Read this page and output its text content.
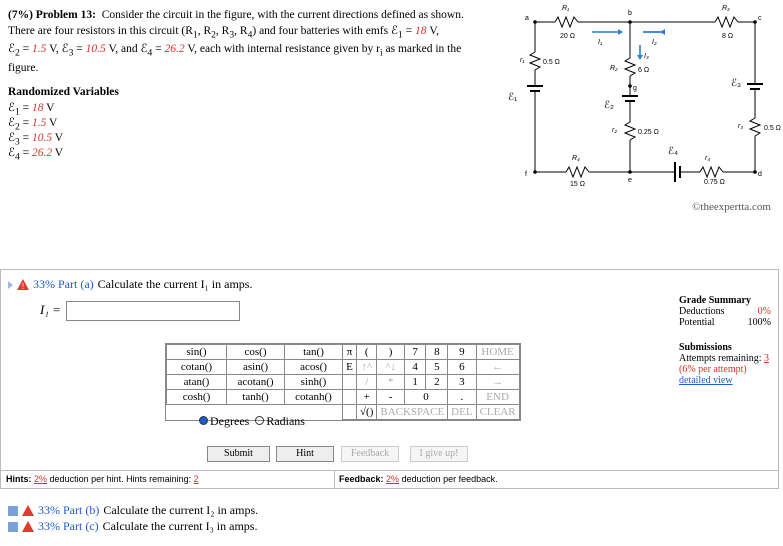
(7%) Problem 13: Consider the circuit in the figure, with the current directions defined as shown.
There are four resistors in this circuit ($R_1$, $R_2$, $R_3$, $R_4$) and four batteries with emfs ℰ$_1$ = 18 V,
ℰ$_2$ = 1.5 V, ℰ$_3$ = 10.5 V, and ℰ$_4$ = 26.2 V, each with internal resistance given by $r_i$ as marked in the
figure.
Randomized Variables
ℰ$_1$ = 18 V
ℰ$_2$ = 1.5 V
ℰ$_3$ = 10.5 V
ℰ$_4$ = 26.2 V
a
b
c
d
e
f
g
R₁
20 Ω
R₃
8 Ω
R₂	6 Ω
R₄
15 Ω
r₁	0.5 Ω
r₂	0.25 Ω
r₃	0.5 Ω
r₄
0.75 Ω
ℰ₁
ℰ₂
ℰ₃
ℰ₄
I₁	I₂
I₃
©theexpertta.com
! 33% Part (a) Calculate the current I₁ in amps.
I₁ =
Grade Summary
Deductions	0%
Potential	100%
Submissions
Attempts remaining: 3
(6% per attempt)
detailed view
sin()	cos()	tan()	π	(	)	7	8	9	HOME
cotan()	asin()	acos()	E	↑^	^↓	4	5	6	←
atan()	acotan()	sinh()		/	*	1	2	3	→
cosh()	tanh()	cotanh()		+	-	0		.	END
				√()	BACKSPACE			DEL	CLEAR
Degrees	Radians
Submit	Hint	Feedback	I give up!
Hints: 2% deduction per hint. Hints remaining: 2	Feedback: 2% deduction per feedback.
33% Part (b) Calculate the current I₂ in amps.
33% Part (c) Calculate the current I₃ in amps.
